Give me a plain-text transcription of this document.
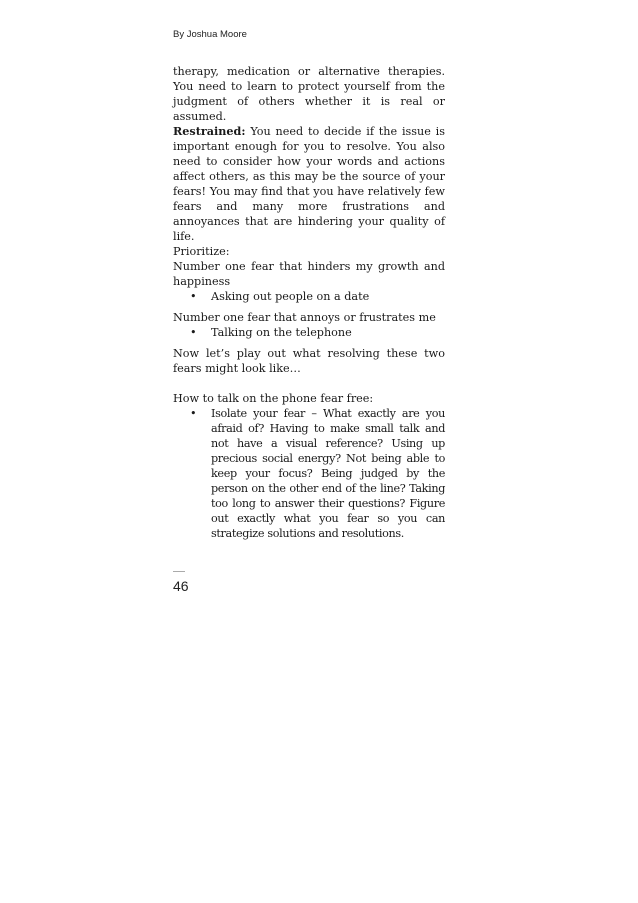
By Joshua Moore

therapy, medication or alternative therapies. You need to learn to protect yourself from the judgment of others whether it is real or assumed.

Restrained: You need to decide if the issue is important enough for you to resolve. You also need to consider how your words and actions affect others, as this may be the source of your fears! You may find that you have relatively few fears and many more frustrations and annoyances that are hindering your quality of life.

Prioritize:

Number one fear that hinders my growth and happiness

• Asking out people on a date

Number one fear that annoys or frustrates me

• Talking on the telephone

Now let’s play out what resolving these two fears might look like…

How to talk on the phone fear free:

• Isolate your fear – What exactly are you afraid of? Having to make small talk and not have a visual reference? Using up precious social energy? Not being able to keep your focus? Being judged by the person on the other end of the line? Taking too long to answer their questions? Figure out exactly what you fear so you can strategize solutions and resolutions.
46
